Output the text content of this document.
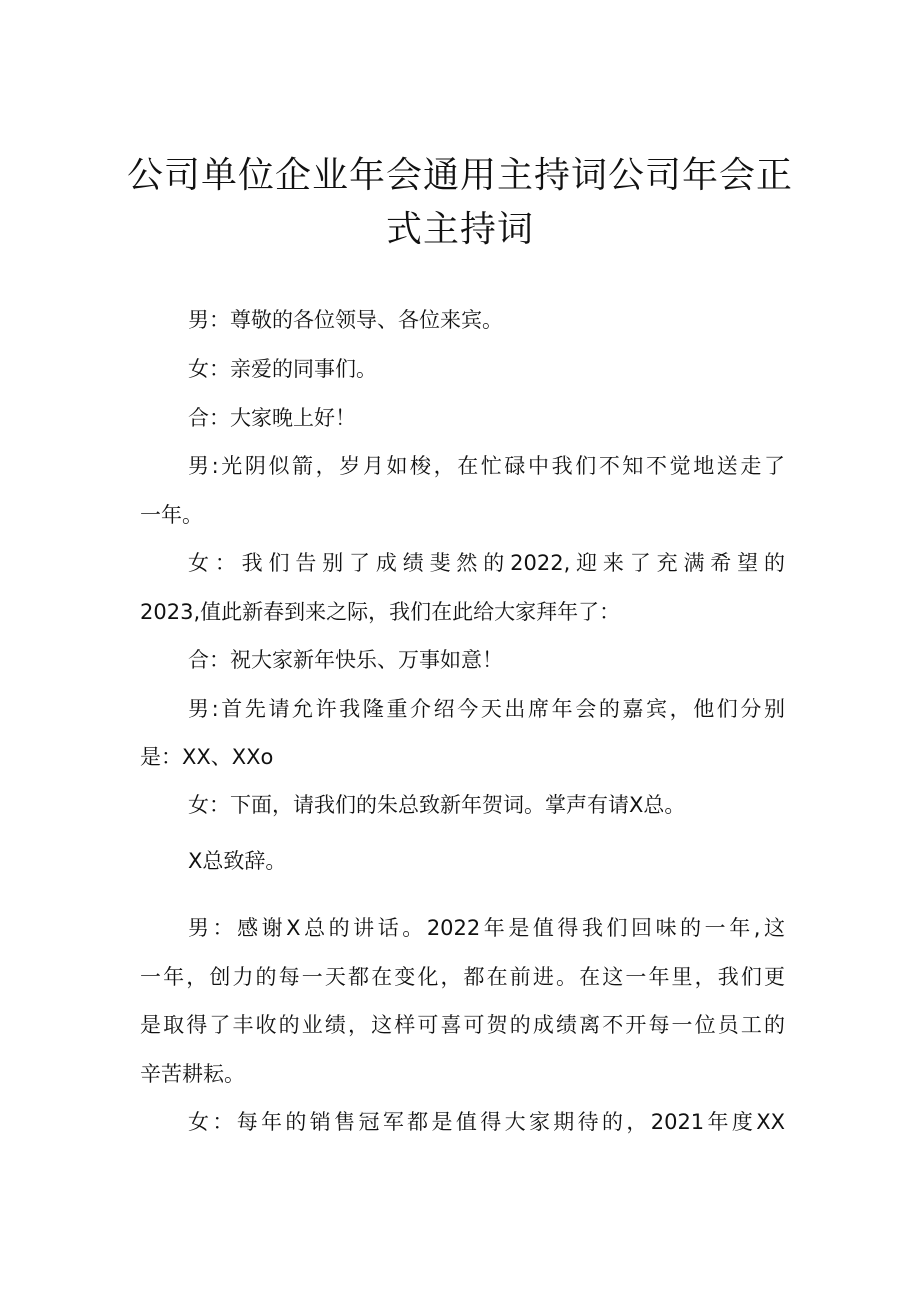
公司单位企业年会通用主持词公司年会正
式主持词
男：尊敬的各位领导、各位来宾。
女：亲爱的同事们。
合：大家晚上好！
男:光阴似箭，岁月如梭，在忙碌中我们不知不觉地送走了
一年。
女：我们告别了成绩斐然的2022,迎来了充满希望的
2023,值此新春到来之际，我们在此给大家拜年了：
合：祝大家新年快乐、万事如意！
男:首先请允许我隆重介绍今天出席年会的嘉宾，他们分别
是：XX、XXo
女：下面，请我们的朱总致新年贺词。掌声有请X总。
X总致辞。
男：感谢X总的讲话。2022年是值得我们回味的一年,这
一年，创力的每一天都在变化，都在前进。在这一年里，我们更
是取得了丰收的业绩，这样可喜可贺的成绩离不开每一位员工的
辛苦耕耘。
女：每年的销售冠军都是值得大家期待的，2021年度XX
